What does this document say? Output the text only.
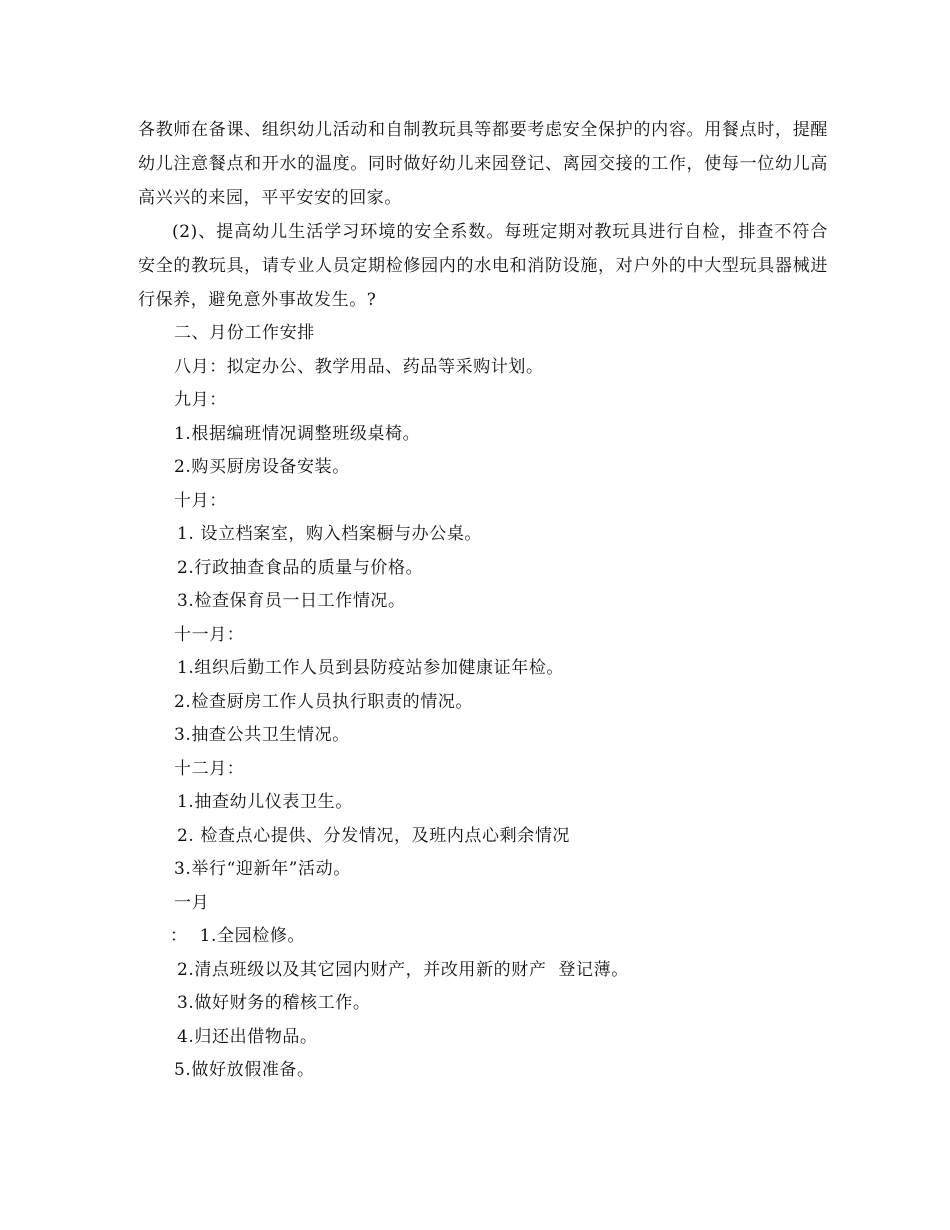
各教师在备课、组织幼儿活动和自制教玩具等都要考虑安全保护的内容。用餐点时，提醒幼儿注意餐点和开水的温度。同时做好幼儿来园登记、离园交接的工作，使每一位幼儿高高兴兴的来园，平平安安的回家。

(2)、提高幼儿生活学习环境的安全系数。每班定期对教玩具进行自检，排查不符合安全的教玩具，请专业人员定期检修园内的水电和消防设施，对户外的中大型玩具器械进行保养，避免意外事故发生。?

二、月份工作安排

八月：拟定办公、教学用品、药品等采购计划。

九月：

1.根据编班情况调整班级桌椅。

2.购买厨房设备安装。

十月：

1. 设立档案室，购入档案橱与办公桌。

2.行政抽查食品的质量与价格。

3.检查保育员一日工作情况。

十一月：

1.组织后勤工作人员到县防疫站参加健康证年检。

2.检查厨房工作人员执行职责的情况。

3.抽查公共卫生情况。

十二月：

1.抽查幼儿仪表卫生。

2. 检查点心提供、分发情况，及班内点心剩余情况

3.举行“迎新年”活动。

一月

：  1.全园检修。

2.清点班级以及其它园内财产，并改用新的财产  登记薄。

3.做好财务的稽核工作。

4.归还出借物品。

5.做好放假准备。
